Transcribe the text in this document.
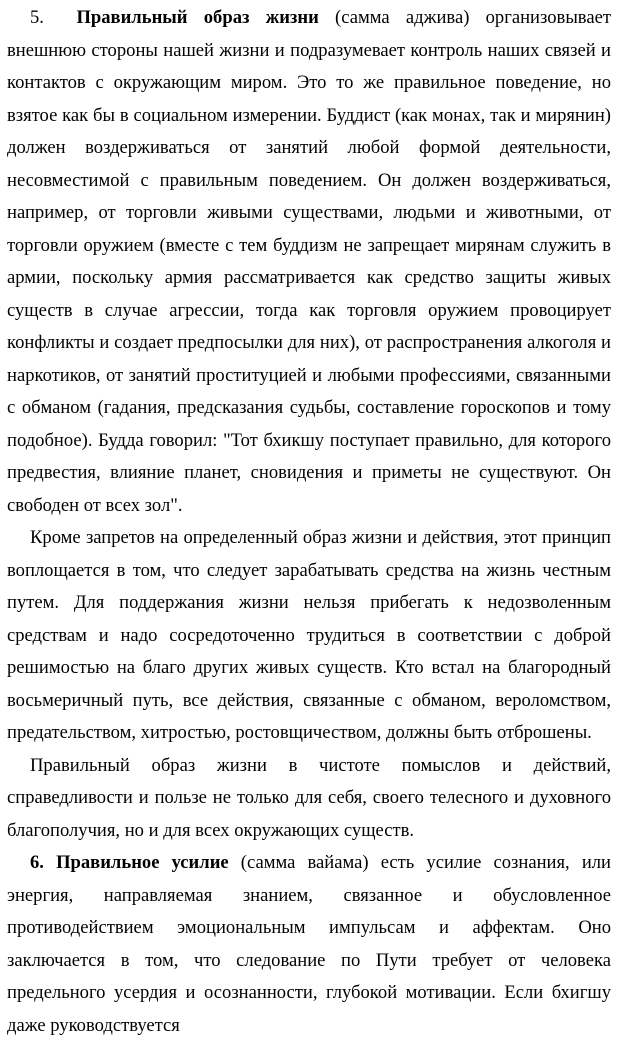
5. Правильный образ жизни (самма аджива) организовывает внешнюю стороны нашей жизни и подразумевает контроль наших связей и контактов с окружающим миром. Это то же правильное поведение, но взятое как бы в социальном измерении. Буддист (как монах, так и мирянин) должен воздерживаться от занятий любой формой деятельности, несовместимой с правильным поведением. Он должен воздерживаться, например, от торговли живыми существами, людьми и животными, от торговли оружием (вместе с тем буддизм не запрещает мирянам служить в армии, поскольку армия рассматривается как средство защиты живых существ в случае агрессии, тогда как торговля оружием провоцирует конфликты и создает предпосылки для них), от распространения алкоголя и наркотиков, от занятий проституцией и любыми профессиями, связанными с обманом (гадания, предсказания судьбы, составление гороскопов и тому подобное). Будда говорил: "Тот бхикшу поступает правильно, для которого предвестия, влияние планет, сновидения и приметы не существуют. Он свободен от всех зол".

Кроме запретов на определенный образ жизни и действия, этот принцип воплощается в том, что следует зарабатывать средства на жизнь честным путем. Для поддержания жизни нельзя прибегать к недозволенным средствам и надо сосредоточенно трудиться в соответствии с доброй решимостью на благо других живых существ. Кто встал на благородный восьмеричный путь, все действия, связанные с обманом, вероломством, предательством, хитростью, ростовщичеством, должны быть отброшены.

Правильный образ жизни в чистоте помыслов и действий, справедливости и пользе не только для себя, своего телесного и духовного благополучия, но и для всех окружающих существ.

6. Правильное усилие (самма вайама) есть усилие сознания, или энергия, направляемая знанием, связанное и обусловленное противодействием эмоциональным импульсам и аффектам. Оно заключается в том, что следование по Пути требует от человека предельного усердия и осознанности, глубокой мотивации. Если бхигшу даже руководствуется
